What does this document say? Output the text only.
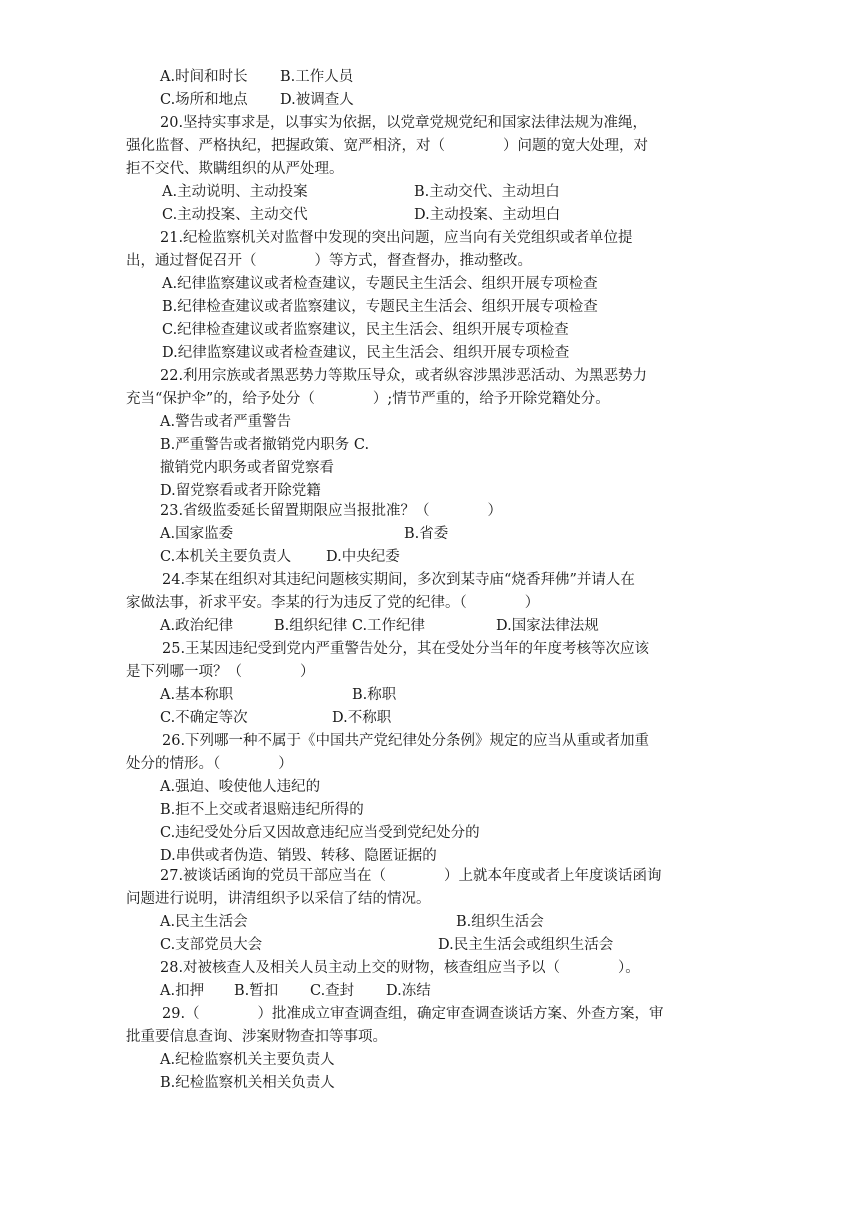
A.时间和时长 B.工作人员
C.场所和地点 D.被调查人
20.坚持实事求是，以事实为依据，以党章党规党纪和国家法律法规为准绳，
强化监督、严格执纪，把握政策、宽严相济，对（　　　　）问题的宽大处理，对
拒不交代、欺瞒组织的从严处理。
A.主动说明、主动投案	B.主动交代、主动坦白
C.主动投案、主动交代	D.主动投案、主动坦白
21.纪检监察机关对监督中发现的突出问题，应当向有关党组织或者单位提
出，通过督促召开（　　　　）等方式，督查督办，推动整改。
A.纪律监察建议或者检查建议，专题民主生活会、组织开展专项检查
B.纪律检查建议或者监察建议，专题民主生活会、组织开展专项检查
C.纪律检查建议或者监察建议，民主生活会、组织开展专项检查
D.纪律监察建议或者检查建议，民主生活会、组织开展专项检查
22.利用宗族或者黑恶势力等欺压导众，或者纵容涉黑涉恶活动、为黑恶势力
充当“保护伞”的，给予处分（　　　　）;情节严重的，给予开除党籍处分。
A.警告或者严重警告
B.严重警告或者撤销党内职务 C.
撤销党内职务或者留党察看
D.留党察看或者开除党籍
23.省级监委延长留置期限应当报批准？（　　　　）
A.国家监委	B.省委
C.本机关主要负责人 D.中央纪委
24.李某在组织对其违纪问题核实期间，多次到某寺庙“烧香拜佛”并请人在
家做法事，祈求平安。李某的行为违反了党的纪律。（　　　　）
A.政治纪律	B.组织纪律 C.工作纪律	D.国家法律法规
25.王某因违纪受到党内严重警告处分，其在受处分当年的年度考核等次应该
是下列哪一项？（　　　　）
A.基本称职	B.称职
C.不确定等次	D.不称职
26.下列哪一种不属于《中国共产党纪律处分条例》规定的应当从重或者加重
处分的情形。（　　　　）
A.强迫、唆使他人违纪的
B.拒不上交或者退赔违纪所得的
C.违纪受处分后又因故意违纪应当受到党纪处分的
D.串供或者伪造、销毁、转移、隐匿证据的
27.被谈话函询的党员干部应当在（　　　　）上就本年度或者上年度谈话函询
问题进行说明，讲清组织予以采信了结的情况。
A.民主生活会	B.组织生活会
C.支部党员大会	D.民主生活会或组织生活会
28.对被核查人及相关人员主动上交的财物，核查组应当予以（　　　　）。
A.扣押 B.暂扣 C.查封 D.冻结
29.（　　　　）批准成立审查调查组，确定审查调查谈话方案、外查方案，审
批重要信息查询、涉案财物查扣等事项。
A.纪检监察机关主要负责人
B.纪检监察机关相关负责人
